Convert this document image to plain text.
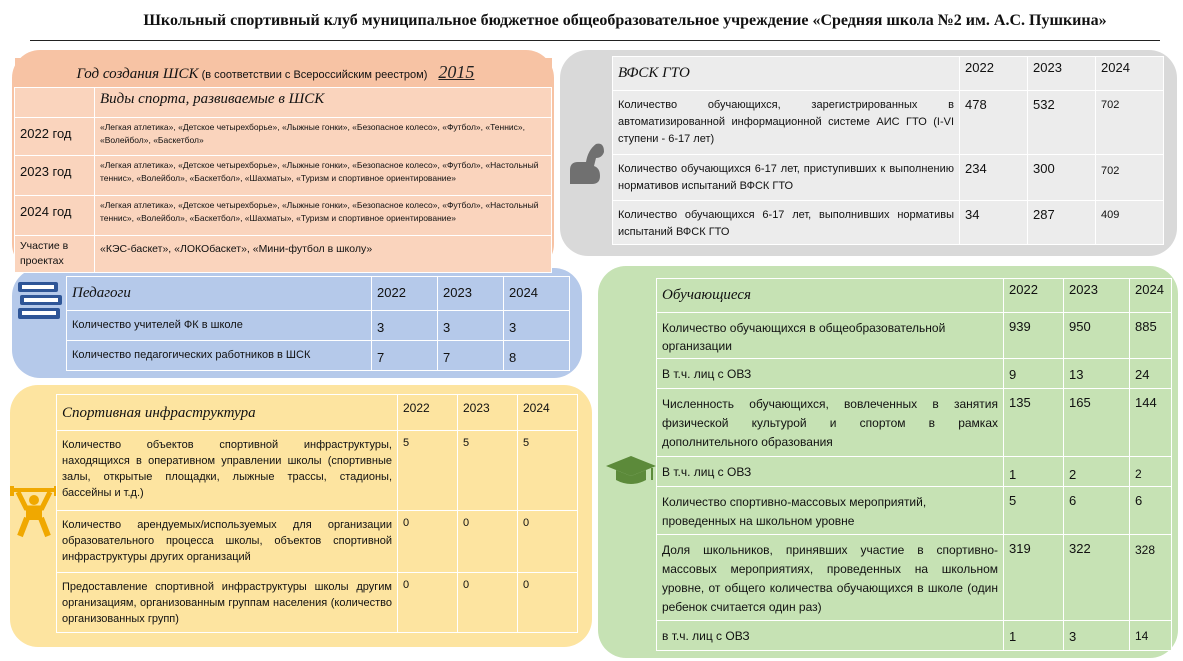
Школьный спортивный клуб муниципальное бюджетное общеобразовательное учреждение «Средняя школа №2 им. А.С. Пушкина»
Год создания ШСК (в соответствии с Всероссийским реестром) 2015	
	Виды спорта, развиваемые в ШСК
2022 год	«Легкая атлетика», «Детское четырехборье», «Лыжные гонки», «Безопасное колесо», «Футбол», «Теннис», «Волейбол», «Баскетбол»
2023 год	«Легкая атлетика», «Детское четырехборье», «Лыжные гонки», «Безопасное колесо», «Футбол», «Настольный теннис», «Волейбол», «Баскетбол», «Шахматы», «Туризм и спортивное ориентирование»
2024 год	«Легкая атлетика», «Детское четырехборье», «Лыжные гонки», «Безопасное колесо», «Футбол», «Настольный теннис», «Волейбол», «Баскетбол», «Шахматы», «Туризм и спортивное ориентирование»
Участие в проектах	«КЭС-баскет», «ЛОКОбаскет», «Мини-футбол в школу»
Педагоги	2022	2023	2024
Количество учителей ФК в школе	3	3	3
Количество педагогических работников в ШСК	7	7	8
Спортивная инфраструктура	2022	2023	2024
Количество объектов спортивной инфраструктуры, находящихся в оперативном управлении школы (спортивные залы, открытые площадки, лыжные трассы, стадионы, бассейны и т.д.)	5	5	5
Количество арендуемых/используемых для организации образовательного процесса школы, объектов спортивной инфраструктуры других организаций	0	0	0
Предоставление спортивной инфраструктуры школы другим организациям, организованным группам населения (количество организованных групп)	0	0	0
ВФСК ГТО	2022	2023	2024
Количество обучающихся, зарегистрированных в автоматизированной информационной системе АИС ГТО (I-VI ступени - 6-17 лет)	478	532	702
Количество обучающихся 6-17 лет, приступивших к выполнению нормативов испытаний ВФСК ГТО	234	300	702
Количество обучающихся 6-17 лет, выполнивших нормативы испытаний ВФСК ГТО	34	287	409
Обучающиеся	2022	2023	2024
Количество обучающихся в общеобразовательной организации	939	950	885
В т.ч. лиц с ОВЗ	9	13	24
Численность обучающихся, вовлеченных в занятия физической культурой и спортом в рамках дополнительного образования	135	165	144
В т.ч. лиц с ОВЗ	1	2	2
Количество спортивно-массовых мероприятий, проведенных на школьном уровне	5	6	6
Доля школьников, принявших участие в спортивно-массовых мероприятиях, проведенных на школьном уровне, от общего количества обучающихся в школе (один ребенок считается один раз)	319	322	328
в т.ч. лиц с ОВЗ	1	3	14
